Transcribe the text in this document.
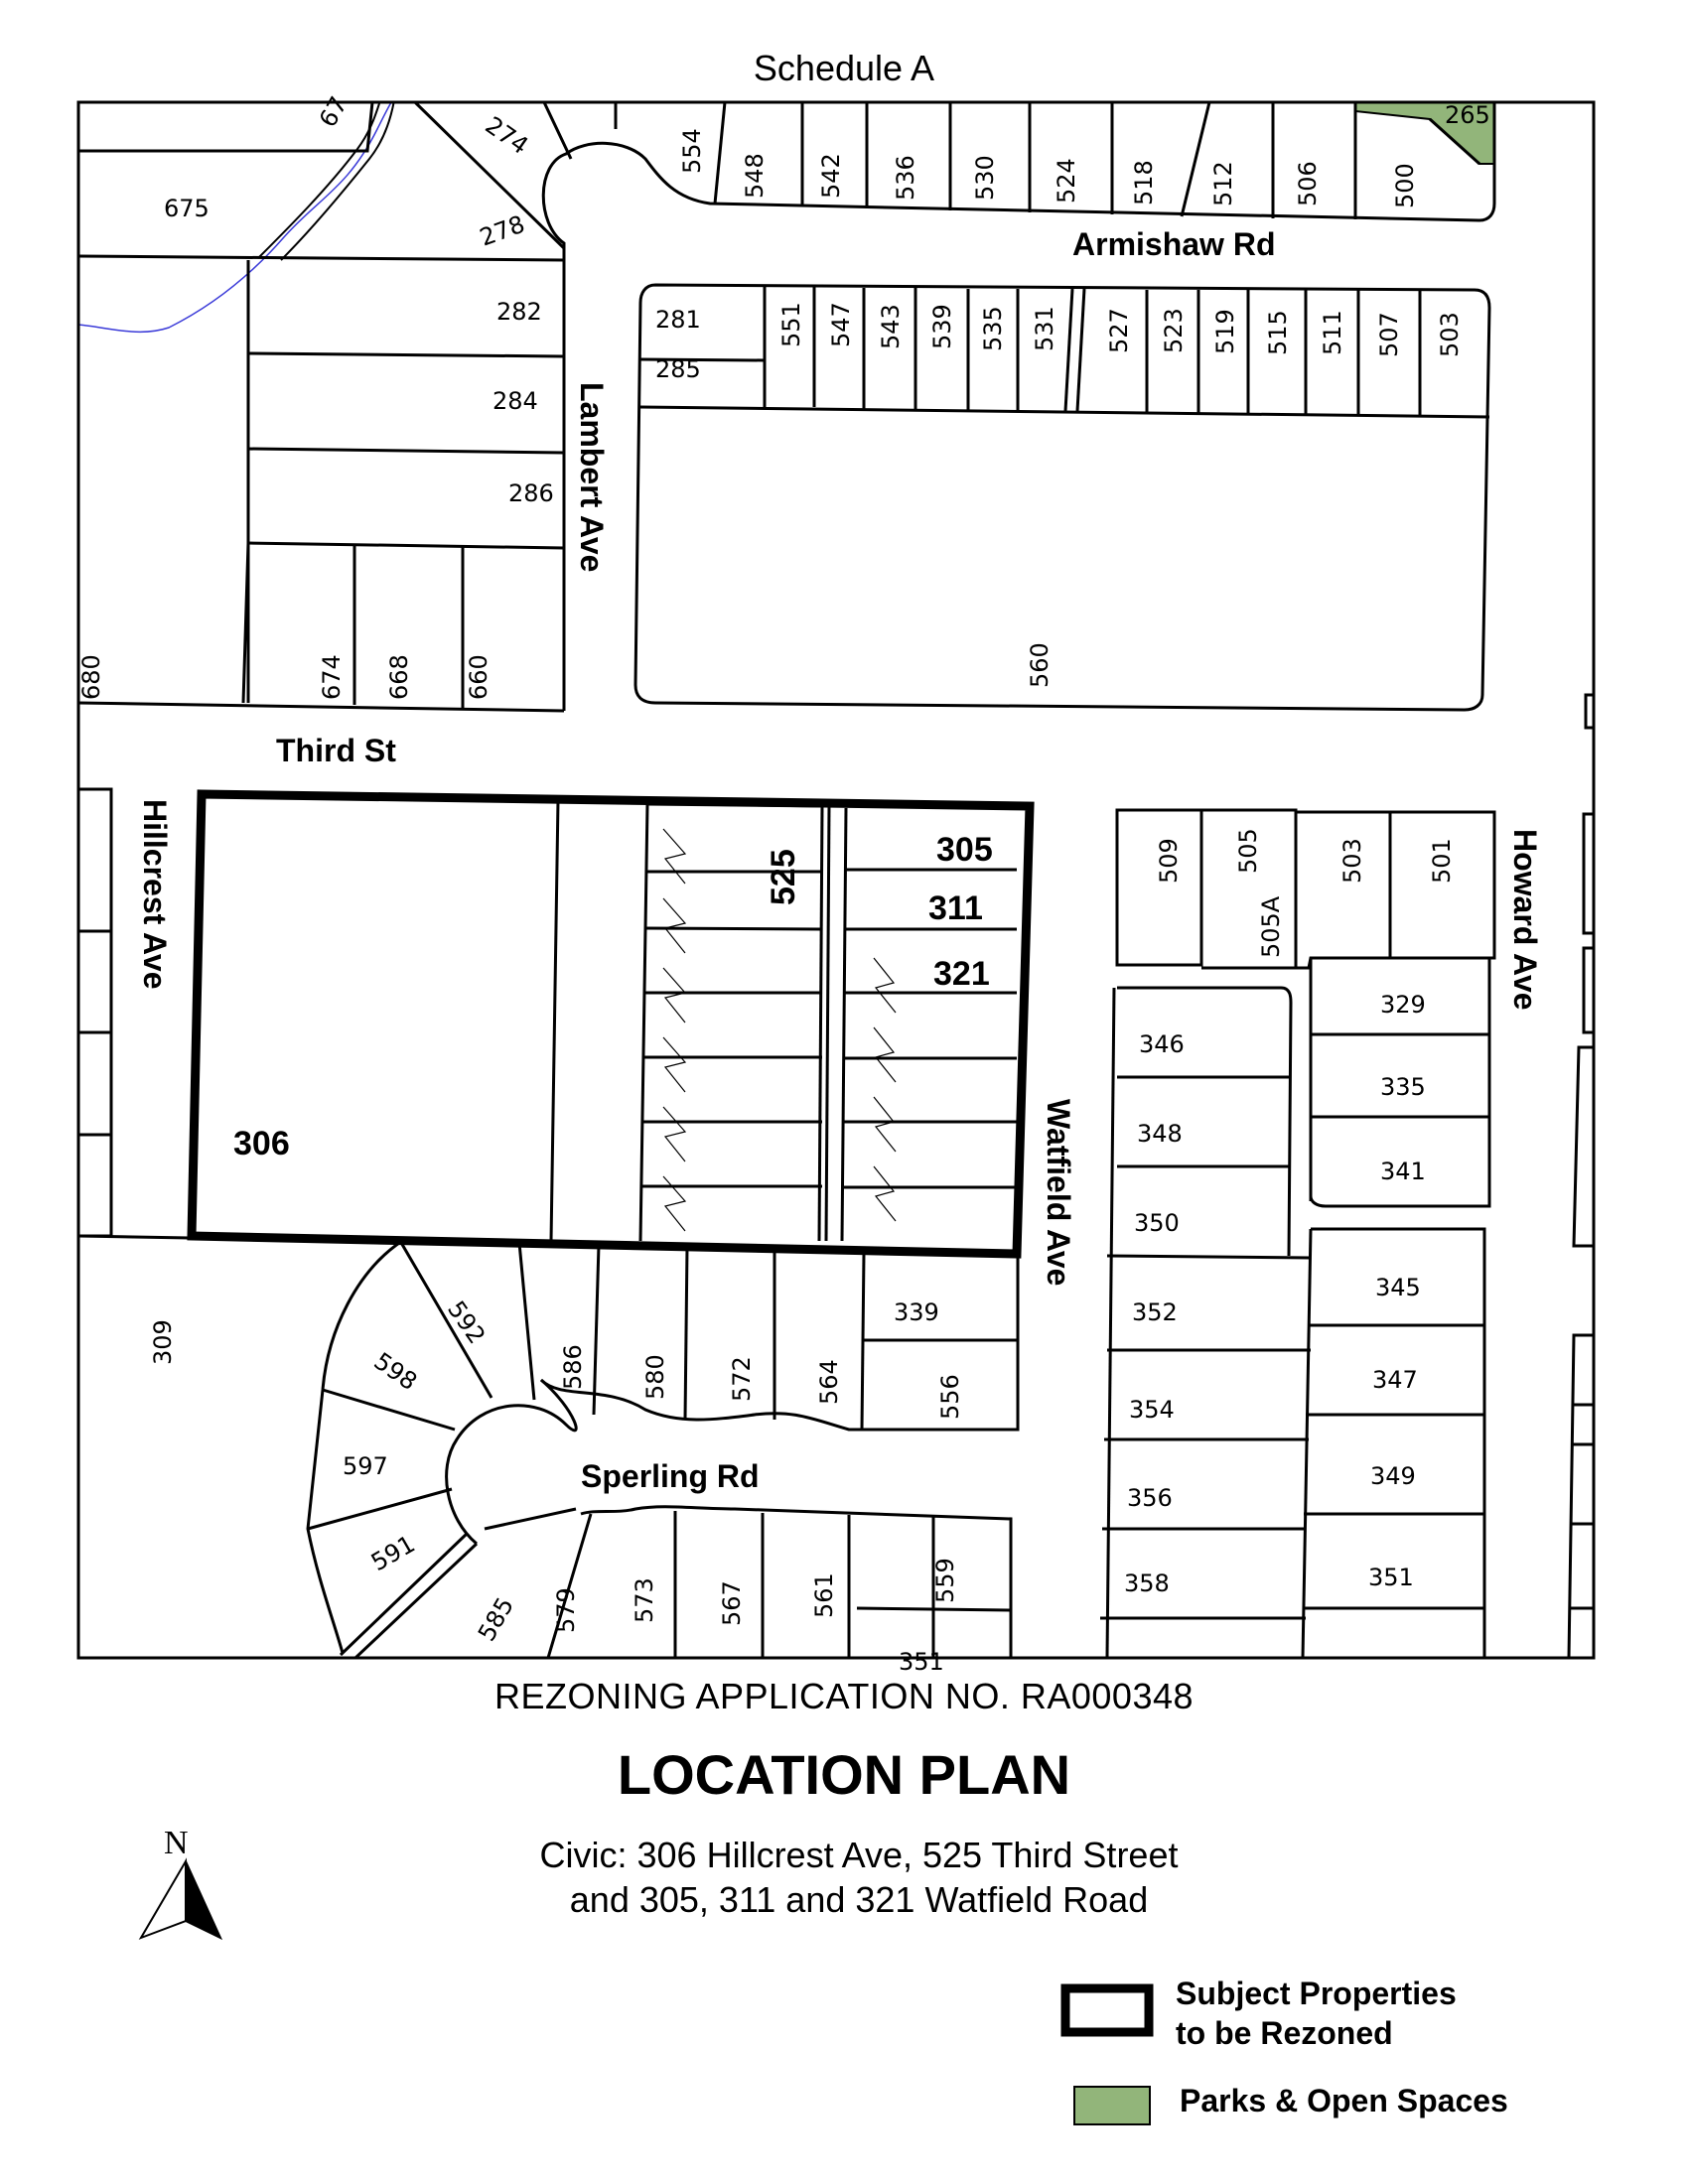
Schedule A
Armishaw Rd
Lambert Ave
Third St
Hillcrest Ave
Watfield Ave
Howard Ave
Sperling Rd
675
67	274
278
554
548 542 536 530 524 518 512 506	500
265
281
285
551 547 543 539 535 531 527 523 519 515 511 507 503
282
284
286
680	674 668 660	560
509 505
505A
503	501
329
335
341
346
348
350
352
354
356
358
345
347
349
351
309	592
598
597
591
585
586 580 572	564
339
556
579 573	567	561	559
351
306
525	305
311
321
N
REZONING APPLICATION NO. RA000348
LOCATION PLAN
Civic: 306 Hillcrest Ave, 525 Third Street
and 305, 311 and 321 Watfield Road
Subject Properties
to be Rezoned
Parks & Open Spaces
